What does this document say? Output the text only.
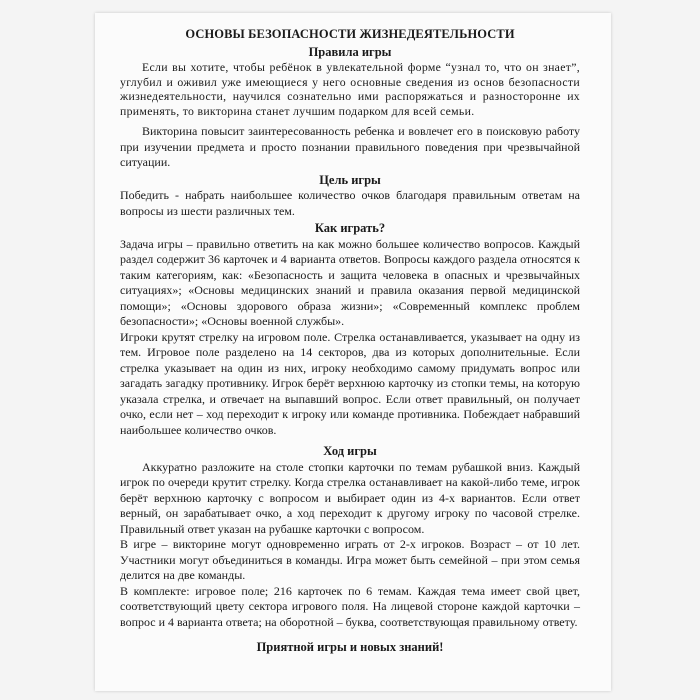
ОСНОВЫ БЕЗОПАСНОСТИ ЖИЗНЕДЕЯТЕЛЬНОСТИ
Правила игры

Если вы хотите, чтобы ребёнок в увлекательной форме “узнал то, что он знает”, углубил и оживил уже имеющиеся у него основные сведения из основ безопасности жизнедеятельности, научился сознательно ими распоряжаться и разносторонне их применять, то викторина станет лучшим подарком для всей семьи.

Викторина повысит заинтересованность ребенка и вовлечет его в поисковую работу при изучении предмета и просто познании правильного поведения при чрезвычайной ситуации.

Цель игры

Победить - набрать наибольшее количество очков благодаря правильным ответам на вопросы из шести различных тем.

Как играть?

Задача игры – правильно ответить на как можно большее количество вопросов. Каждый раздел содержит 36 карточек и 4 варианта ответов. Вопросы каждого раздела относятся к таким категориям, как: «Безопасность и защита человека в опасных и чрезвычайных ситуациях»; «Основы медицинских знаний и правила оказания первой медицинской помощи»; «Основы здорового образа жизни»; «Современный комплекс проблем безопасности»; «Основы военной службы».

Игроки крутят стрелку на игровом поле. Стрелка останавливается, указывает на одну из тем. Игровое поле разделено на 14 секторов, два из которых дополнительные. Если стрелка указывает на один из них, игроку необходимо самому придумать вопрос или загадать загадку противнику. Игрок берёт верхнюю карточку из стопки темы, на которую указала стрелка, и отвечает на выпавший вопрос. Если ответ правильный, он получает очко, если нет – ход переходит к игроку или команде противника. Побеждает набравший наибольшее количество очков.

Ход игры

Аккуратно разложите на столе стопки карточки по темам рубашкой вниз. Каждый игрок по очереди крутит стрелку. Когда стрелка останавливает на какой-либо теме, игрок берёт верхнюю карточку с вопросом и выбирает один из 4-х вариантов. Если ответ верный, он зарабатывает очко, а ход переходит к другому игроку по часовой стрелке. Правильный ответ указан на рубашке карточки с вопросом.

В игре – викторине могут одновременно играть от 2-х игроков. Возраст – от 10 лет. Участники могут объединиться в команды. Игра может быть семейной – при этом семья делится на две команды.

В комплекте: игровое поле; 216 карточек по 6 темам. Каждая тема имеет свой цвет, соответствующий цвету сектора игрового поля. На лицевой стороне каждой карточки – вопрос и 4 варианта ответа; на оборотной – буква, соответствующая правильному ответу.

Приятной игры и новых знаний!
